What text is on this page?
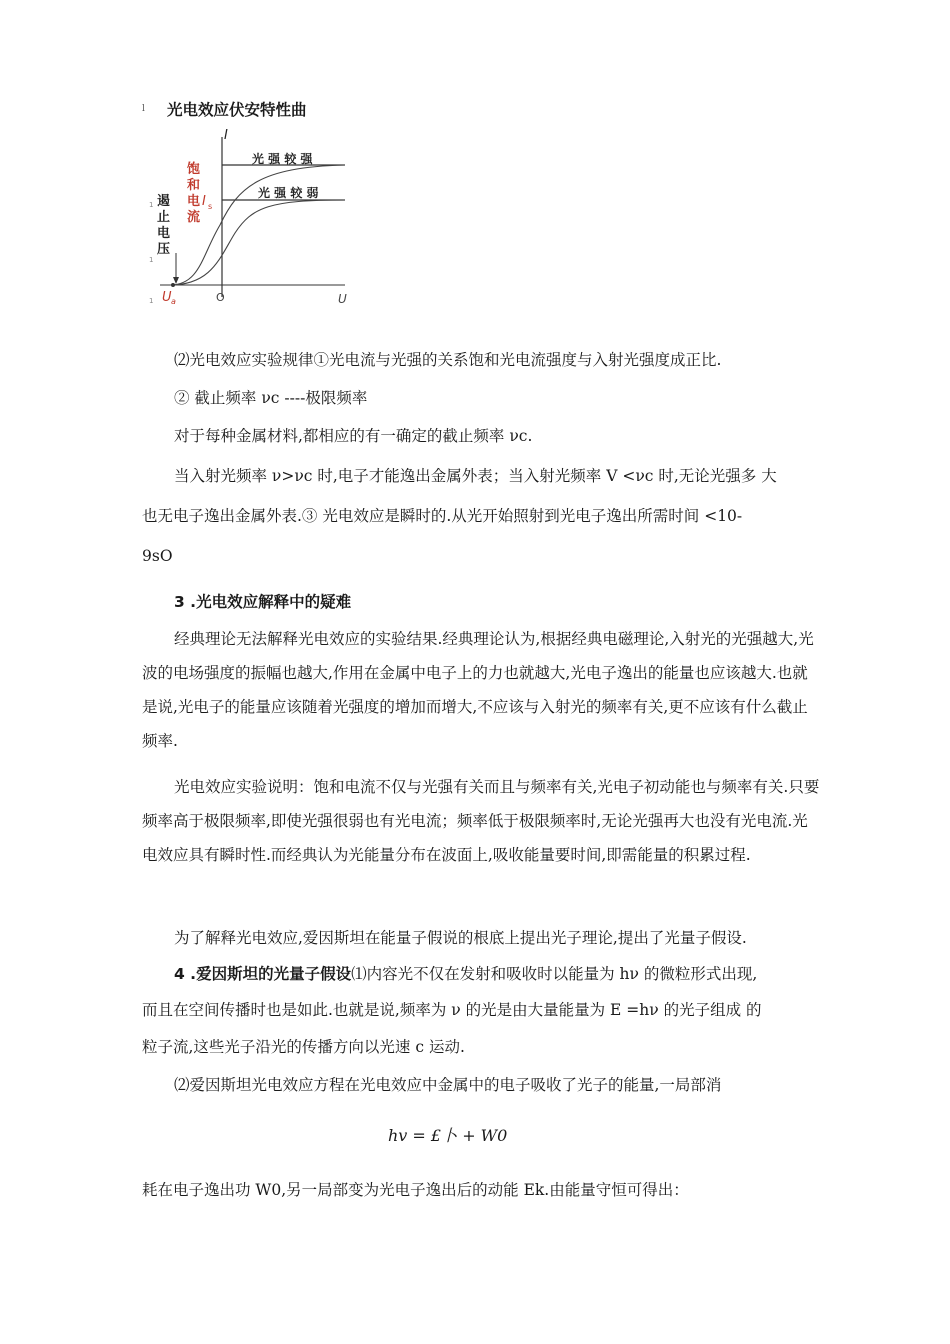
l 光电效应伏安特性曲
I
U
O
光 强 较 强
光 强 较 弱
饱
和
电
流
I s
遏
止
电
压
U a
1
1
1
⑵光电效应实验规律①光电流与光强的关系饱和光电流强度与入射光强度成正比.
② 截止频率 νc ----极限频率
对于每种金属材料,都相应的有一确定的截止频率 νc.
当入射光频率 ν>νc 时,电子才能逸出金属外表；当入射光频率 V <νc 时,无论光强多 大
也无电子逸出金属外表.③ 光电效应是瞬时的.从光开始照射到光电子逸出所需时间 <10-
9sO
3 .光电效应解释中的疑难
经典理论无法解释光电效应的实验结果.经典理论认为,根据经典电磁理论,入射光的光强越大,光波的电场强度的振幅也越大,作用在金属中电子上的力也就越大,光电子逸出的能量也应该越大.也就是说,光电子的能量应该随着光强度的增加而增大,不应该与入射光的频率有关,更不应该有什么截止频率.
光电效应实验说明：饱和电流不仅与光强有关而且与频率有关,光电子初动能也与频率有关.只要频率高于极限频率,即使光强很弱也有光电流；频率低于极限频率时,无论光强再大也没有光电流.光电效应具有瞬时性.而经典认为光能量分布在波面上,吸收能量要时间,即需能量的积累过程.
为了解释光电效应,爱因斯坦在能量子假说的根底上提出光子理论,提出了光量子假设.
4 .爱因斯坦的光量子假设⑴内容光不仅在发射和吸收时以能量为 hν 的微粒形式出现,
而且在空间传播时也是如此.也就是说,频率为 ν 的光是由大量能量为 E =hν 的光子组成 的
粒子流,这些光子沿光的传播方向以光速 c 运动.
⑵爱因斯坦光电效应方程在光电效应中金属中的电子吸收了光子的能量,一局部消
hv = £卜 + W0
耗在电子逸出功 W0,另一局部变为光电子逸出后的动能 Ek.由能量守恒可得出：
